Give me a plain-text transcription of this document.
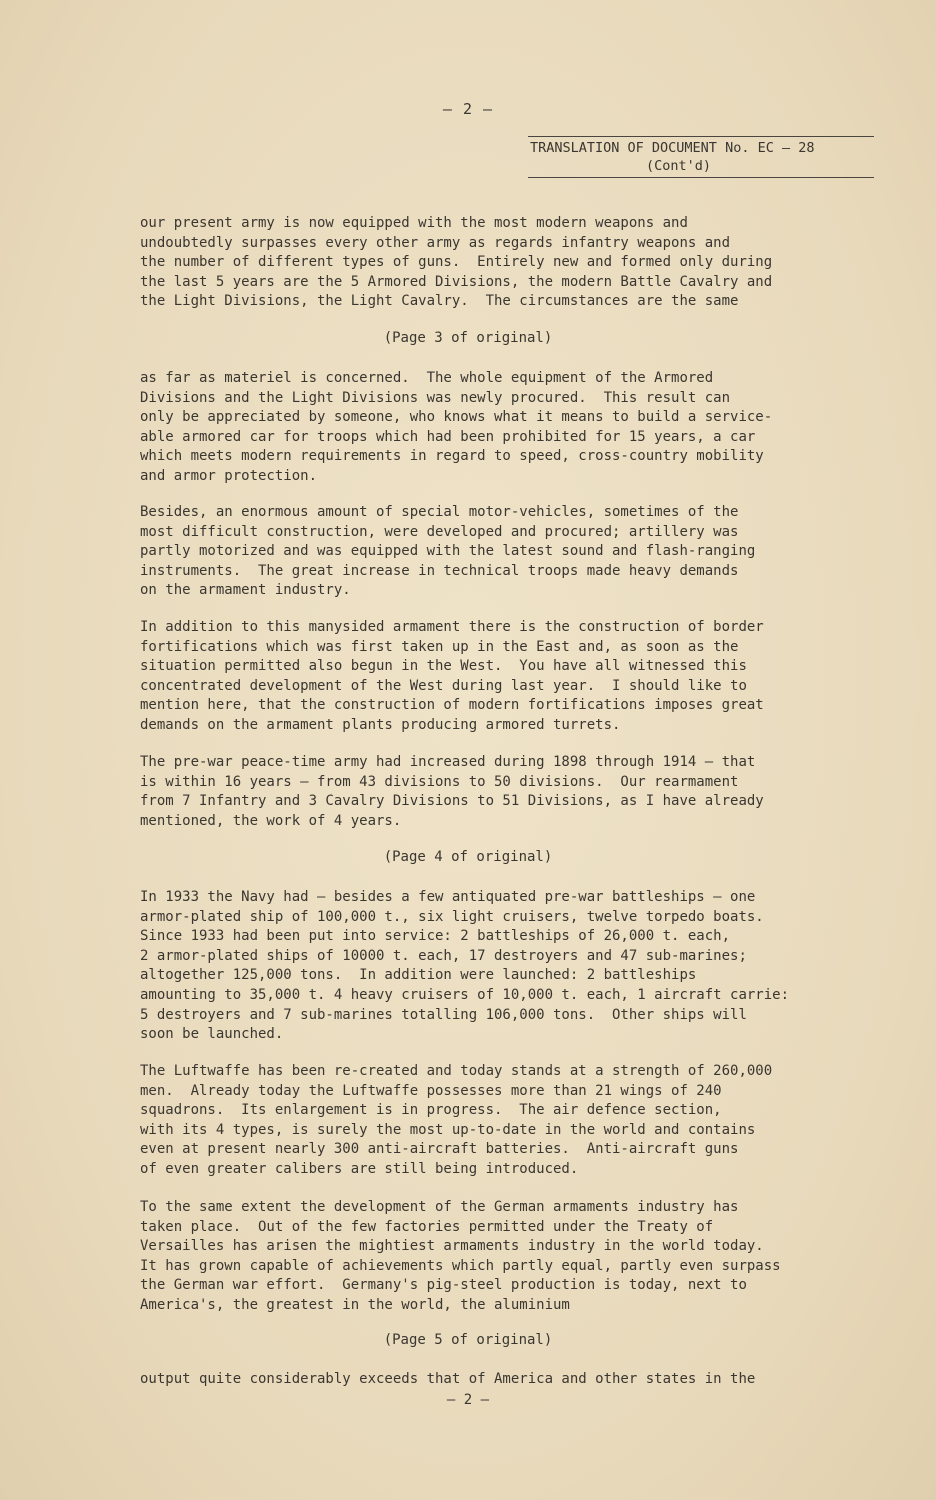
– 2 –
TRANSLATION OF DOCUMENT No. EC – 28
(Cont'd)
our present army is now equipped with the most modern weapons and
undoubtedly surpasses every other army as regards infantry weapons and
the number of different types of guns.  Entirely new and formed only during
the last 5 years are the 5 Armored Divisions, the modern Battle Cavalry and
the Light Divisions, the Light Cavalry.  The circumstances are the same
(Page 3 of original)
as far as materiel is concerned.  The whole equipment of the Armored
Divisions and the Light Divisions was newly procured.  This result can
only be appreciated by someone, who knows what it means to build a service-
able armored car for troops which had been prohibited for 15 years, a car
which meets modern requirements in regard to speed, cross-country mobility
and armor protection.
Besides, an enormous amount of special motor-vehicles, sometimes of the
most difficult construction, were developed and procured; artillery was
partly motorized and was equipped with the latest sound and flash-ranging
instruments.  The great increase in technical troops made heavy demands
on the armament industry.
In addition to this manysided armament there is the construction of border
fortifications which was first taken up in the East and, as soon as the
situation permitted also begun in the West.  You have all witnessed this
concentrated development of the West during last year.  I should like to
mention here, that the construction of modern fortifications imposes great
demands on the armament plants producing armored turrets.
The pre-war peace-time army had increased during 1898 through 1914 – that
is within 16 years – from 43 divisions to 50 divisions.  Our rearmament
from 7 Infantry and 3 Cavalry Divisions to 51 Divisions, as I have already
mentioned, the work of 4 years.
(Page 4 of original)
In 1933 the Navy had – besides a few antiquated pre-war battleships – one
armor-plated ship of 100,000 t., six light cruisers, twelve torpedo boats.
Since 1933 had been put into service: 2 battleships of 26,000 t. each,
2 armor-plated ships of 10000 t. each, 17 destroyers and 47 sub-marines;
altogether 125,000 tons.  In addition were launched: 2 battleships
amounting to 35,000 t. 4 heavy cruisers of 10,000 t. each, 1 aircraft carrie:
5 destroyers and 7 sub-marines totalling 106,000 tons.  Other ships will
soon be launched.
The Luftwaffe has been re-created and today stands at a strength of 260,000
men.  Already today the Luftwaffe possesses more than 21 wings of 240
squadrons.  Its enlargement is in progress.  The air defence section,
with its 4 types, is surely the most up-to-date in the world and contains
even at present nearly 300 anti-aircraft batteries.  Anti-aircraft guns
of even greater calibers are still being introduced.
To the same extent the development of the German armaments industry has
taken place.  Out of the few factories permitted under the Treaty of
Versailles has arisen the mightiest armaments industry in the world today.
It has grown capable of achievements which partly equal, partly even surpass
the German war effort.  Germany's pig-steel production is today, next to
America's, the greatest in the world, the aluminium
(Page 5 of original)
output quite considerably exceeds that of America and other states in the
– 2 –
